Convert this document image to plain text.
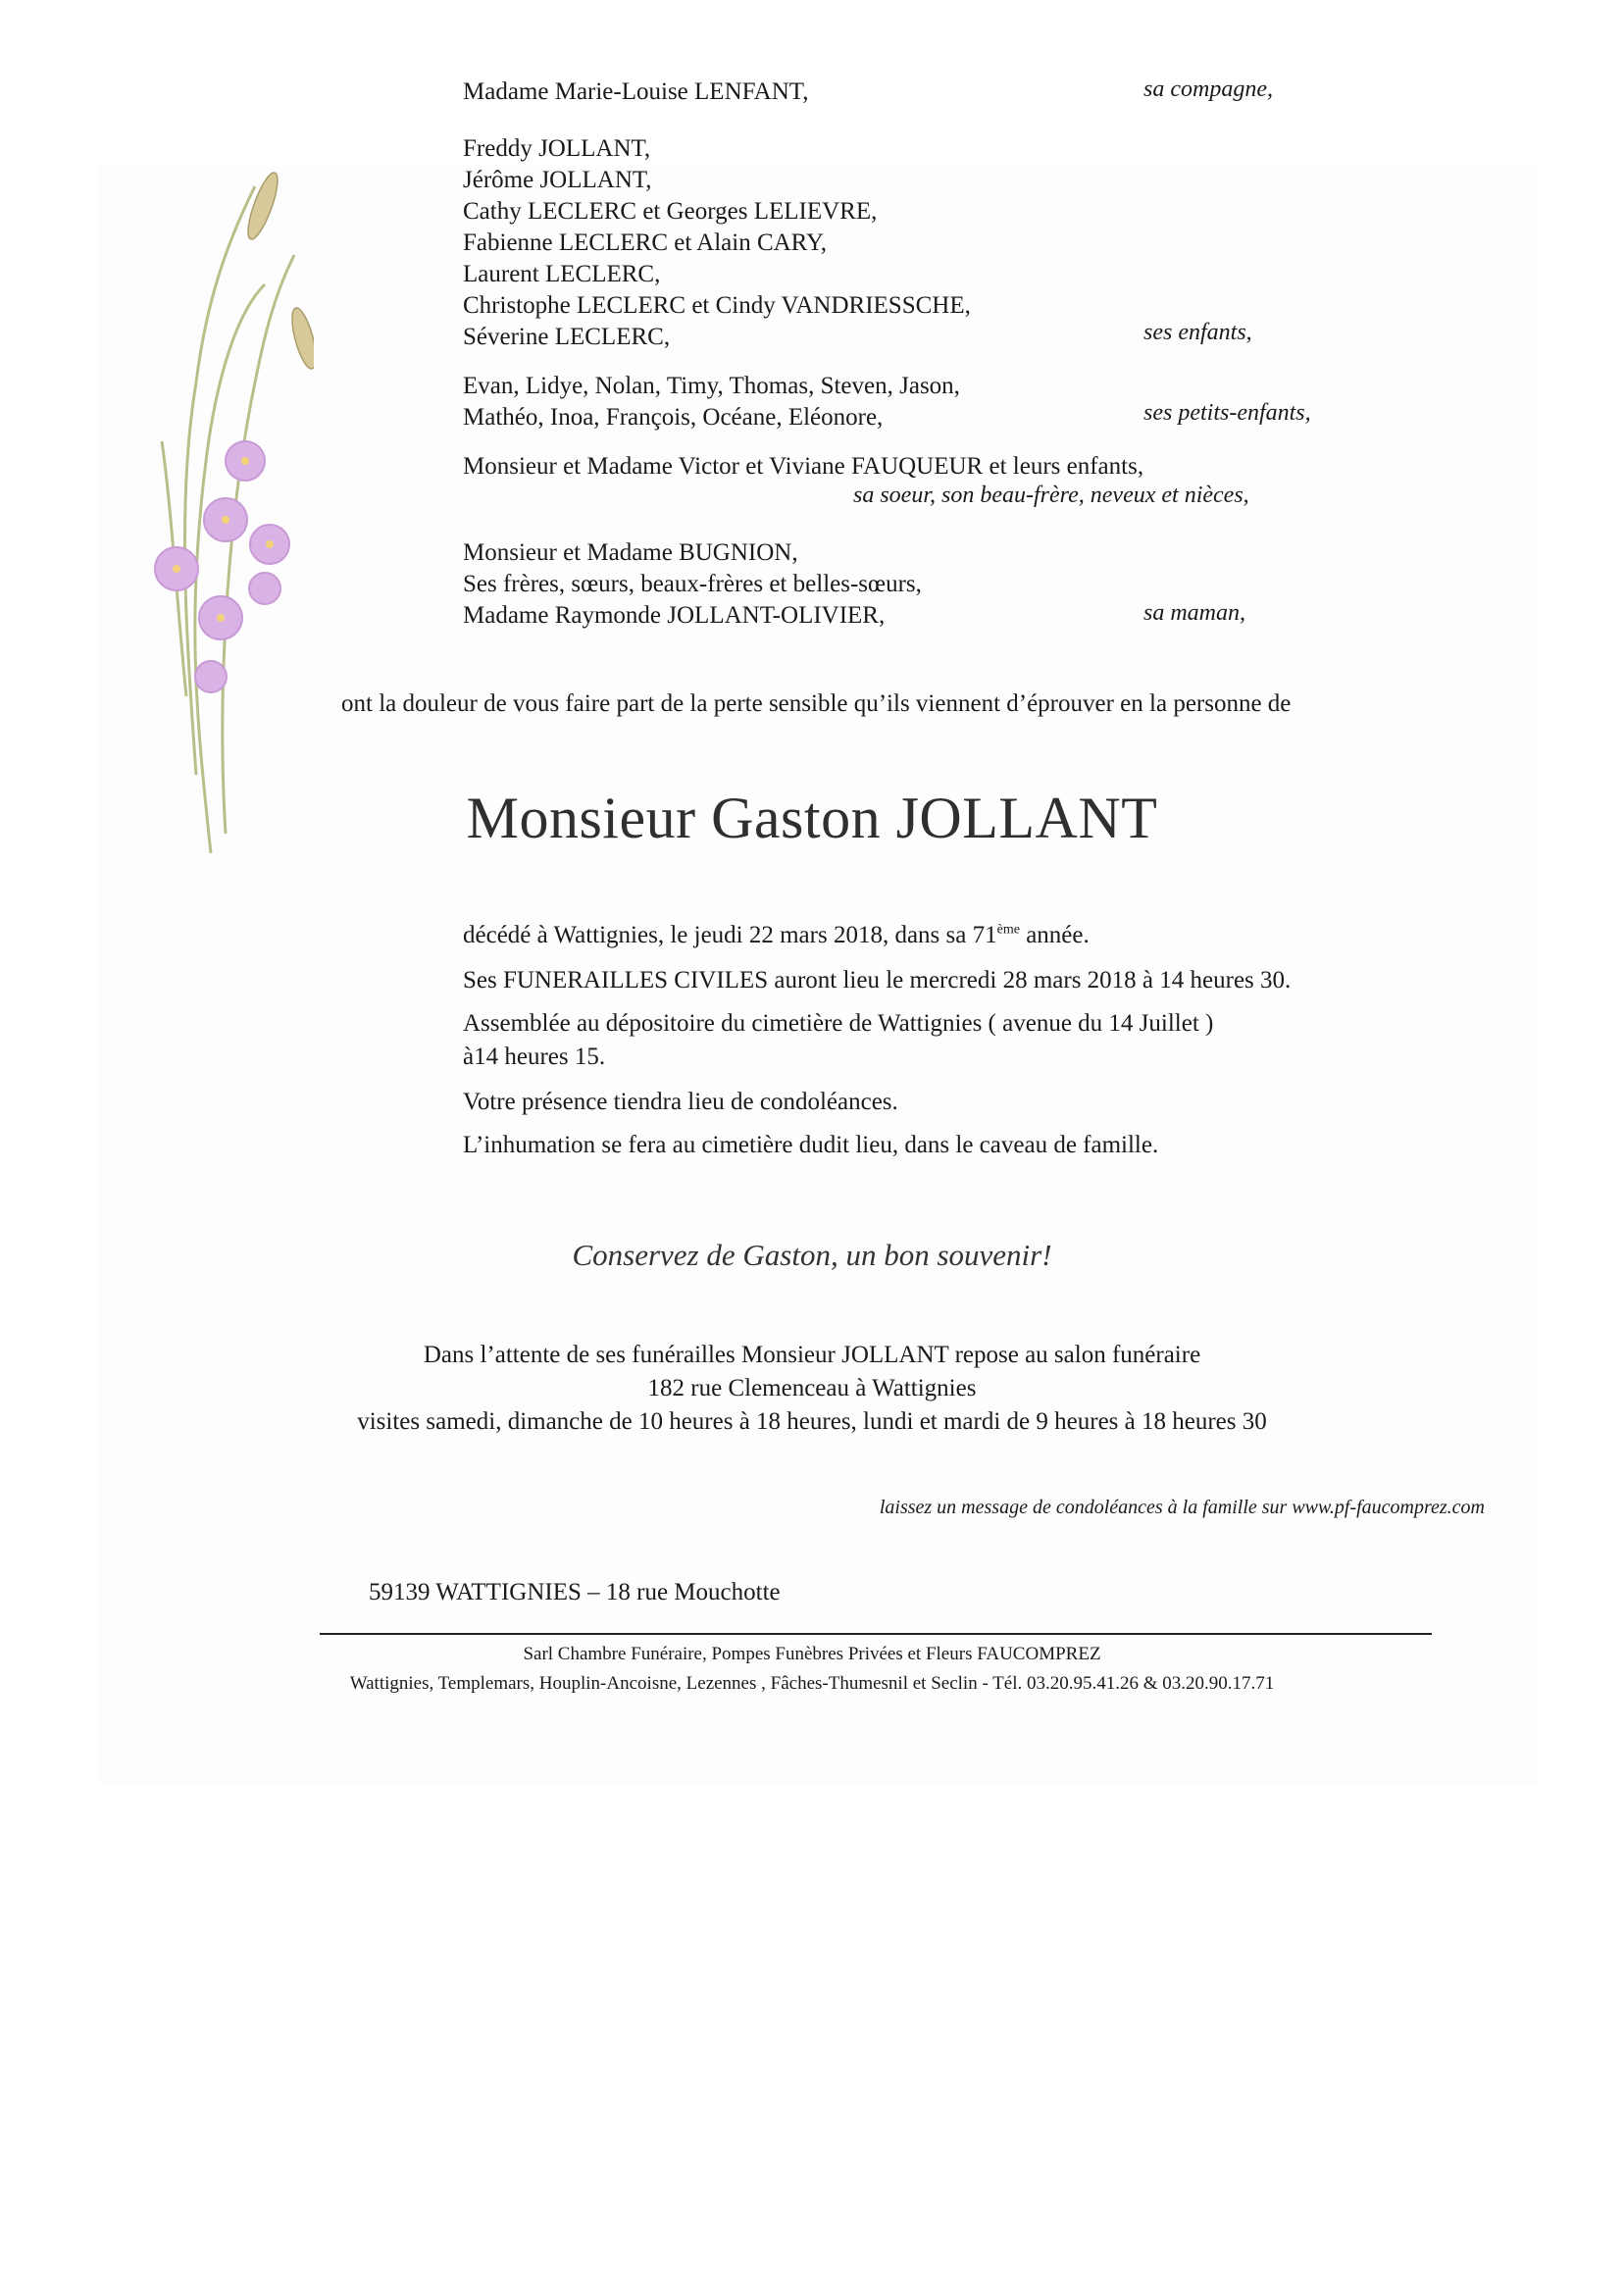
Madame Marie-Louise LENFANT,	sa compagne,
Freddy JOLLANT,
Jérôme JOLLANT,
Cathy LECLERC et Georges LELIEVRE,
Fabienne LECLERC et Alain CARY,
Laurent LECLERC,
Christophe LECLERC et Cindy VANDRIESSCHE,
Séverine LECLERC,	ses enfants,
Evan, Lidye, Nolan, Timy, Thomas, Steven, Jason,
Mathéo, Inoa, François, Océane, Eléonore,	ses petits-enfants,
Monsieur et Madame Victor et Viviane FAUQUEUR et leurs enfants,
sa soeur, son beau-frère, neveux et nièces,
Monsieur et Madame BUGNION,
Ses frères, sœurs, beaux-frères et belles-sœurs,
Madame Raymonde JOLLANT-OLIVIER,	sa maman,
ont la douleur de vous faire part de la perte sensible qu’ils viennent d’éprouver en la personne de
Monsieur Gaston JOLLANT
décédé à Wattignies, le jeudi 22 mars 2018, dans sa 71ème année.
Ses FUNERAILLES CIVILES auront lieu le mercredi 28 mars 2018 à 14 heures 30.
Assemblée au dépositoire du cimetière de Wattignies ( avenue du 14 Juillet )
à14 heures 15.
Votre présence tiendra lieu de condoléances.
L’inhumation se fera au cimetière dudit lieu, dans le caveau de famille.
Conservez de Gaston, un bon souvenir!
Dans l’attente de ses funérailles Monsieur JOLLANT repose au salon funéraire
182 rue Clemenceau à Wattignies
visites samedi, dimanche de 10 heures à 18 heures, lundi et mardi de 9 heures à 18 heures 30
laissez un message de condoléances à la famille sur www.pf-faucomprez.com
59139 WATTIGNIES – 18 rue Mouchotte
Sarl Chambre Funéraire, Pompes Funèbres Privées et Fleurs FAUCOMPREZ
Wattignies, Templemars, Houplin-Ancoisne, Lezennes , Fâches-Thumesnil et Seclin - Tél. 03.20.95.41.26 & 03.20.90.17.71
